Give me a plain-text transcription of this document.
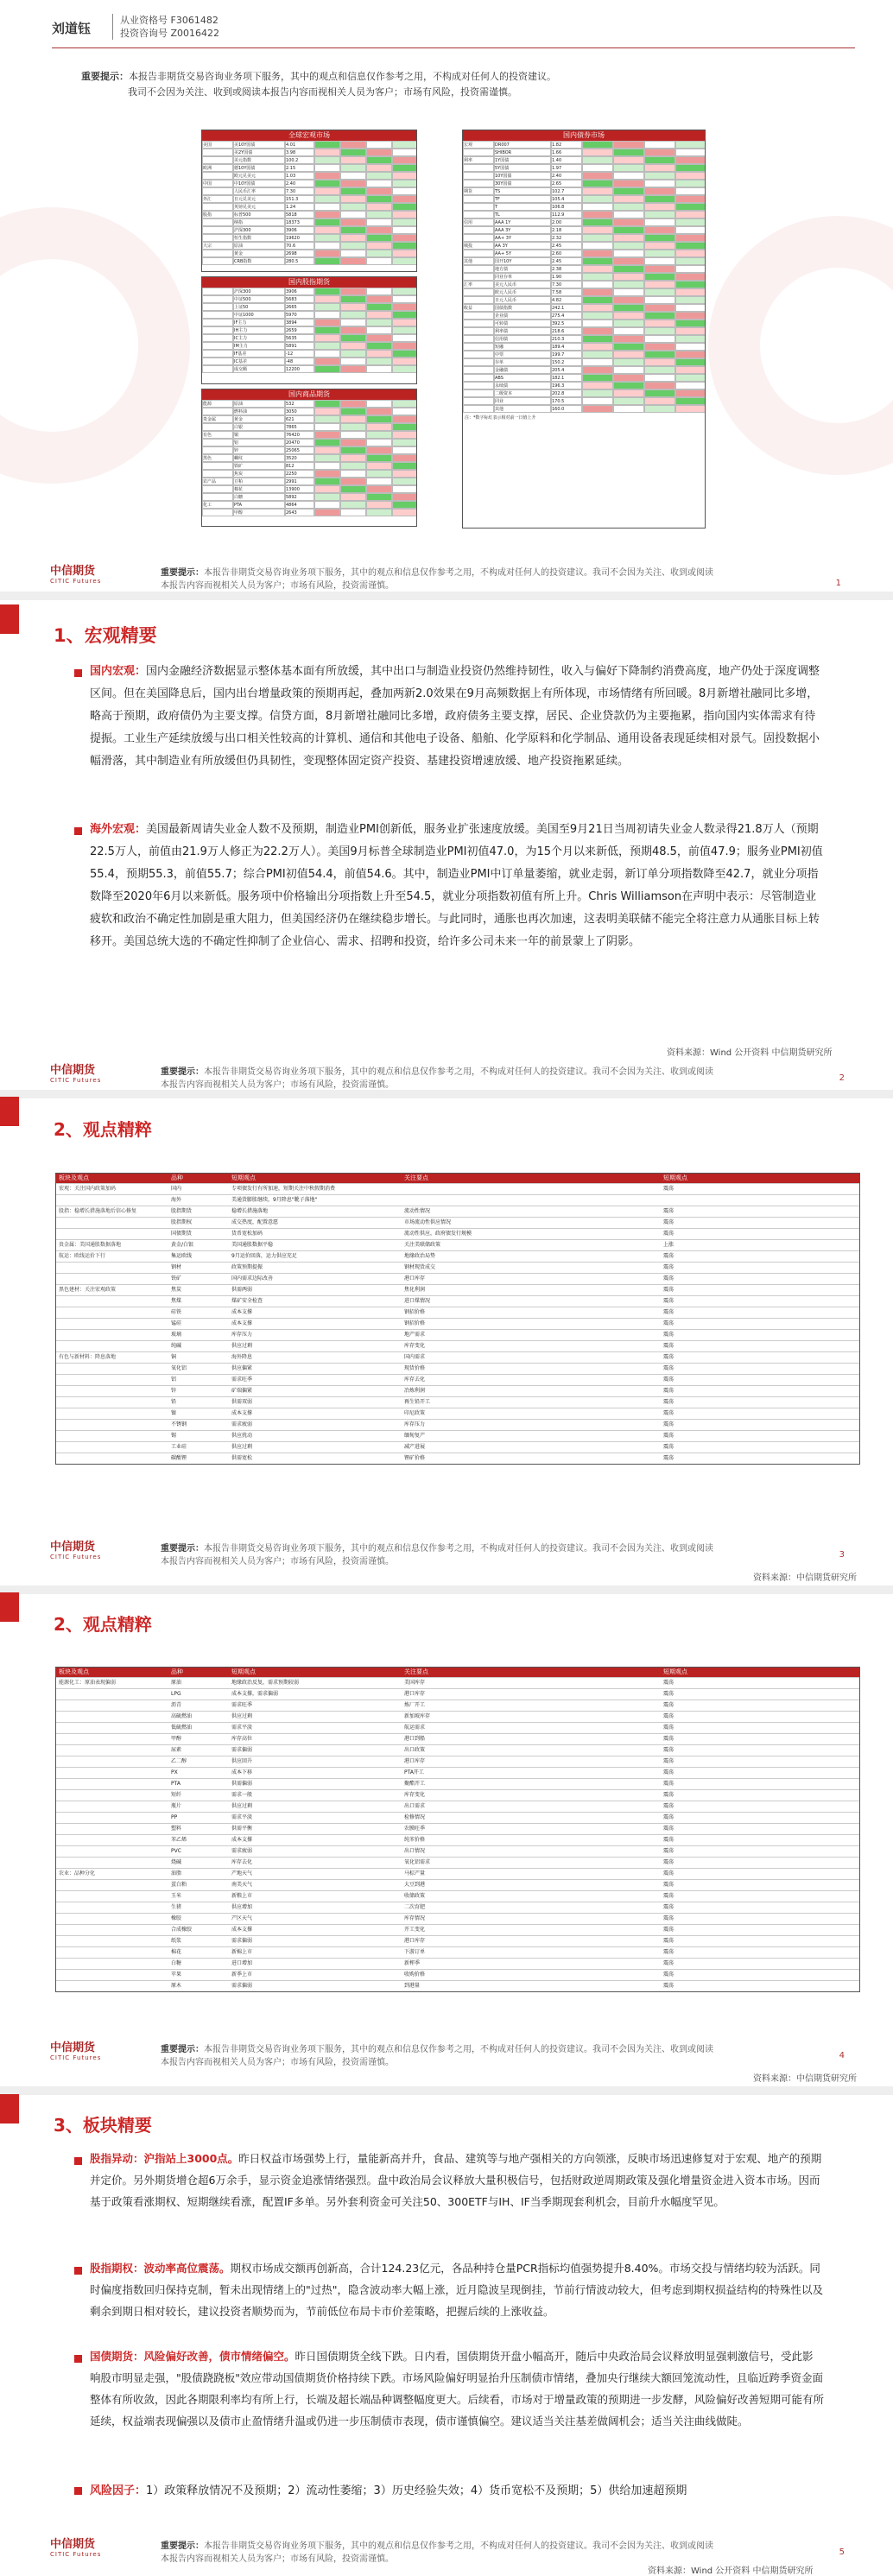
刘道钰
从业资格号 F3061482
投资咨询号 Z0016422
重要提示：本报告非期货交易咨询业务项下服务，其中的观点和信息仅作参考之用，不构成对任何人的投资建议。
我司不会因为关注、收到或阅读本报告内容而视相关人员为客户；市场有风险，投资需谨慎。
全球宏观市场
美国	美10Y国债	4.01
美2Y国债	3.98
美元指数	100.2
欧洲	德10Y国债	2.15
欧元兑美元	1.03
中国	中10Y国债	2.40
人民币汇率	7.30
外汇	日元兑美元	151.3
英镑兑美元	1.24
股指	标普500	5818
纳指	18373
沪深300	3906
恒生指数	19620
大宗	原油	70.6
黄金	2698
CRB指数	280.5
国内股指期货
沪深300	3906
中证500	5683
上证50	2665
中证1000	5970
IF主力	3894
IH主力	2659
IC主力	5635
IM主力	5891
IF基差	-12
IC基差	-48
成交额	12200
国内商品期货
能源	原油	532
燃料油	3050
贵金属	黄金	621
白银	7865
有色	铜	76420
铝	20470
锌	25065
黑色	螺纹	3520
铁矿	812
焦炭	2250
农产品	豆粕	2991
棉花	13900
白糖	5892
化工	PTA	4864
甲醇	2643
国内债券市场
宏观	DR007	1.82
SHIBOR	1.66
利率	1Y国债	1.40
5Y国债	1.97
10Y国债	2.40
30Y国债	2.65
期货	TS	102.7
TF	105.4
T	106.8
TL	112.9
信用	AAA 1Y	2.00
AAA 3Y	2.18
AA+ 3Y	2.32
城投	AA 3Y	2.45
AA+ 5Y	2.60
其他	国开10Y	2.45
地方债	2.38
同业存单	1.90
汇率	美元人民币	7.30
欧元人民币	7.58
日元人民币	4.82
收益	国债指数	242.1
企业债	275.4
可转债	392.5
利率债	218.6
信用债	210.3
短融	189.4
中票	199.7
存单	150.2
金融债	205.4
ABS	182.1
永续债	196.3
二级资本	202.8
同业	170.5
其他	160.0
注：*数字标红表示相对前一日值上升
中信期货
CITIC Futures
重要提示：本报告非期货交易咨询业务项下服务，其中的观点和信息仅作参考之用，不构成对任何人的投资建议。我司不会因为关注、收到或阅读
本报告内容而视相关人员为客户；市场有风险，投资需谨慎。	1
1、宏观精要
国内宏观：国内金融经济数据显示整体基本面有所放缓，其中出口与制造业投资仍然维持韧性，收入与偏好下降制约消费高度，地产仍处于深度调整区间。但在美国降息后，国内出台增量政策的预期再起，叠加两新2.0效果在9月高频数据上有所体现，市场情绪有所回暖。8月新增社融同比多增，略高于预期，政府债仍为主要支撑。信贷方面，8月新增社融同比多增，政府债务主要支撑，居民、企业贷款仍为主要拖累，指向国内实体需求有待提振。工业生产延续放缓与出口相关性较高的计算机、通信和其他电子设备、船舶、化学原料和化学制品、通用设备表现延续相对景气。固投数据小幅滑落，其中制造业有所放缓但仍具韧性，变现整体固定资产投资、基建投资增速放缓、地产投资拖累延续。
海外宏观：美国最新周请失业金人数不及预期，制造业PMI创新低，服务业扩张速度放缓。美国至9月21日当周初请失业金人数录得21.8万人（预期22.5万人，前值由21.9万人修正为22.2万人）。美国9月标普全球制造业PMI初值47.0，为15个月以来新低，预期48.5，前值47.9；服务业PMI初值55.4，预期55.3，前值55.7；综合PMI初值54.4，前值54.6。其中，制造业PMI中订单量萎缩，就业走弱，新订单分项指数降至42.7，就业分项指数降至2020年6月以来新低。服务项中价格输出分项指数上升至54.5，就业分项指数初值有所上升。Chris Williamson在声明中表示：尽管制造业疲软和政治不确定性加剧是重大阻力，但美国经济仍在继续稳步增长。与此同时，通胀也再次加速，这表明美联储不能完全将注意力从通胀目标上转移开。美国总统大选的不确定性抑制了企业信心、需求、招聘和投资，给许多公司未来一年的前景蒙上了阴影。
资料来源：Wind 公开资料 中信期货研究所
中信期货
CITIC Futures
重要提示：本报告非期货交易咨询业务项下服务，其中的观点和信息仅作参考之用，不构成对任何人的投资建议。我司不会因为关注、收到或阅读
本报告内容而视相关人员为客户；市场有风险，投资需谨慎。
2
2、观点精粹
板块及观点	品种	短期观点	关注要点	短期观点
宏观：关注国内政策加码	国内	专项债发行有所加速，短期关注中秋假期消费	震荡
海外	美通货膨胀继续，9月降息"靴子落地"
股指：稳增长措施落地后信心修复	股指期货	稳增长措施落地	流动性情况	震荡
股指期权	成交热度，配置意愿	市场流动性供应情况	震荡
国债期货	货币宽松加码	流动性供应，政府债发行规模	震荡
贵金属：美国通胀数据落地	黄金/白银	美国通胀数据平稳	关注美联储政策	上涨
航运：欧线运价下行	集运欧线	9月运价回落，运力供应充足	地缘政治局势	震荡
钢材	政策预期提振	钢材现货成交	震荡
铁矿	国内需求边际改善	港口库存	震荡
黑色建材：关注宏观政策	焦炭	供需两弱	焦化利润	震荡
焦煤	煤矿安全检查	进口煤情况	震荡
硅铁	成本支撑	钢招价格	震荡
锰硅	成本支撑	钢招价格	震荡
玻璃	库存压力	地产需求	震荡
纯碱	供应过剩	库存变化	震荡
有色与新材料：降息落地	铜	海外降息	国内需求	震荡
氧化铝	供应偏紧	现货价格	震荡
铝	需求旺季	库存去化	震荡
锌	矿端偏紧	冶炼利润	震荡
铅	供需双弱	再生铅开工	震荡
镍	成本支撑	印尼政策	震荡
不锈钢	需求疲弱	库存压力	震荡
锡	供应扰动	缅甸复产	震荡
工业硅	供应过剩	减产进展	震荡
碳酸锂	供需宽松	锂矿价格	震荡
中信期货
CITIC Futures
重要提示：本报告非期货交易咨询业务项下服务，其中的观点和信息仅作参考之用，不构成对任何人的投资建议。我司不会因为关注、收到或阅读
本报告内容而视相关人员为客户；市场有风险，投资需谨慎。
3
资料来源：中信期货研究所
2、观点精粹
板块及观点	品种	短期观点	关注要点	短期观点
能源化工：原油表现偏弱	原油	地缘政治反复，需求预期较弱	美国库存	震荡
LPG	成本支撑，需求偏弱	港口库存	震荡
沥青	需求旺季	炼厂开工	震荡
高硫燃油	供应过剩	新加坡库存	震荡
低硫燃油	需求平淡	航运需求	震荡
甲醇	库存高位	港口到船	震荡
尿素	需求偏弱	出口政策	震荡
乙二醇	供应回升	港口库存	震荡
PX	成本下移	PTA开工	震荡
PTA	供需偏弱	聚酯开工	震荡
短纤	需求一般	库存变化	震荡
瓶片	供应过剩	出口需求	震荡
PP	需求平淡	检修情况	震荡
塑料	供需平衡	农膜旺季	震荡
苯乙烯	成本支撑	纯苯价格	震荡
PVC	需求疲弱	出口情况	震荡
烧碱	库存去化	氧化铝需求	震荡
农业：品种分化	油脂	产地天气	马棕产量	震荡
蛋白粕	南美天气	大豆到港	震荡
玉米	新粮上市	收储政策	震荡
生猪	供应增加	二次育肥	震荡
橡胶	产区天气	库存情况	震荡
合成橡胶	成本支撑	开工变化	震荡
纸浆	需求偏弱	港口库存	震荡
棉花	新棉上市	下游订单	震荡
白糖	进口增加	新榨季	震荡
苹果	新季上市	收购价格	震荡
原木	需求偏弱	到港量	震荡
中信期货
CITIC Futures
重要提示：本报告非期货交易咨询业务项下服务，其中的观点和信息仅作参考之用，不构成对任何人的投资建议。我司不会因为关注、收到或阅读
本报告内容而视相关人员为客户；市场有风险，投资需谨慎。
4
资料来源：中信期货研究所
3、板块精要
股指异动：沪指站上3000点。昨日权益市场强势上行，量能新高并升，食品、建筑等与地产强相关的方向领涨，反映市场迅速修复对于宏观、地产的预期并定价。另外期货增仓超6万余手，显示资金追涨情绪强烈。盘中政治局会议释放大量积极信号，包括财政逆周期政策及强化增量资金进入资本市场。因而基于政策看涨期权、短期继续看涨，配置IF多单。另外套利资金可关注50、300ETF与IH、IF当季期现套利机会，目前升水幅度罕见。
股指期权：波动率高位震荡。期权市场成交额再创新高，合计124.23亿元，各品种持仓量PCR指标均值强势提升8.40%。市场交投与情绪均较为活跃。同时偏度指数回归保持克制，暂未出现情绪上的"过热"，隐含波动率大幅上涨，近月隐波呈现倒挂，节前行情波动较大，但考虑到期权损益结构的特殊性以及剩余到期日相对较长，建议投资者顺势而为，节前低位布局卡市价差策略，把握后续的上涨收益。
国债期货：风险偏好改善，债市情绪偏空。昨日国债期货全线下跌。日内看，国债期货开盘小幅高开，随后中央政治局会议释放明显强刺激信号，受此影响股市明显走强，"股债跷跷板"效应带动国债期货价格持续下跌。市场风险偏好明显抬升压制债市情绪，叠加央行继续大额回笼流动性，且临近跨季资金面整体有所收敛，因此各期限利率均有所上行，长端及超长端品种调整幅度更大。后续看，市场对于增量政策的预期进一步发酵，风险偏好改善短期可能有所延续，权益端表现偏强以及债市止盈情绪升温或仍进一步压制债市表现，债市谨慎偏空。建议适当关注基差做阔机会；适当关注曲线做陡。
风险因子：1）政策释放情况不及预期；2）流动性萎缩；3）历史经验失效；4）货币宽松不及预期；5）供给加速超预期
中信期货
CITIC Futures
重要提示：本报告非期货交易咨询业务项下服务，其中的观点和信息仅作参考之用，不构成对任何人的投资建议。我司不会因为关注、收到或阅读
本报告内容而视相关人员为客户；市场有风险，投资需谨慎。
5
资料来源：Wind 公开资料 中信期货研究所
